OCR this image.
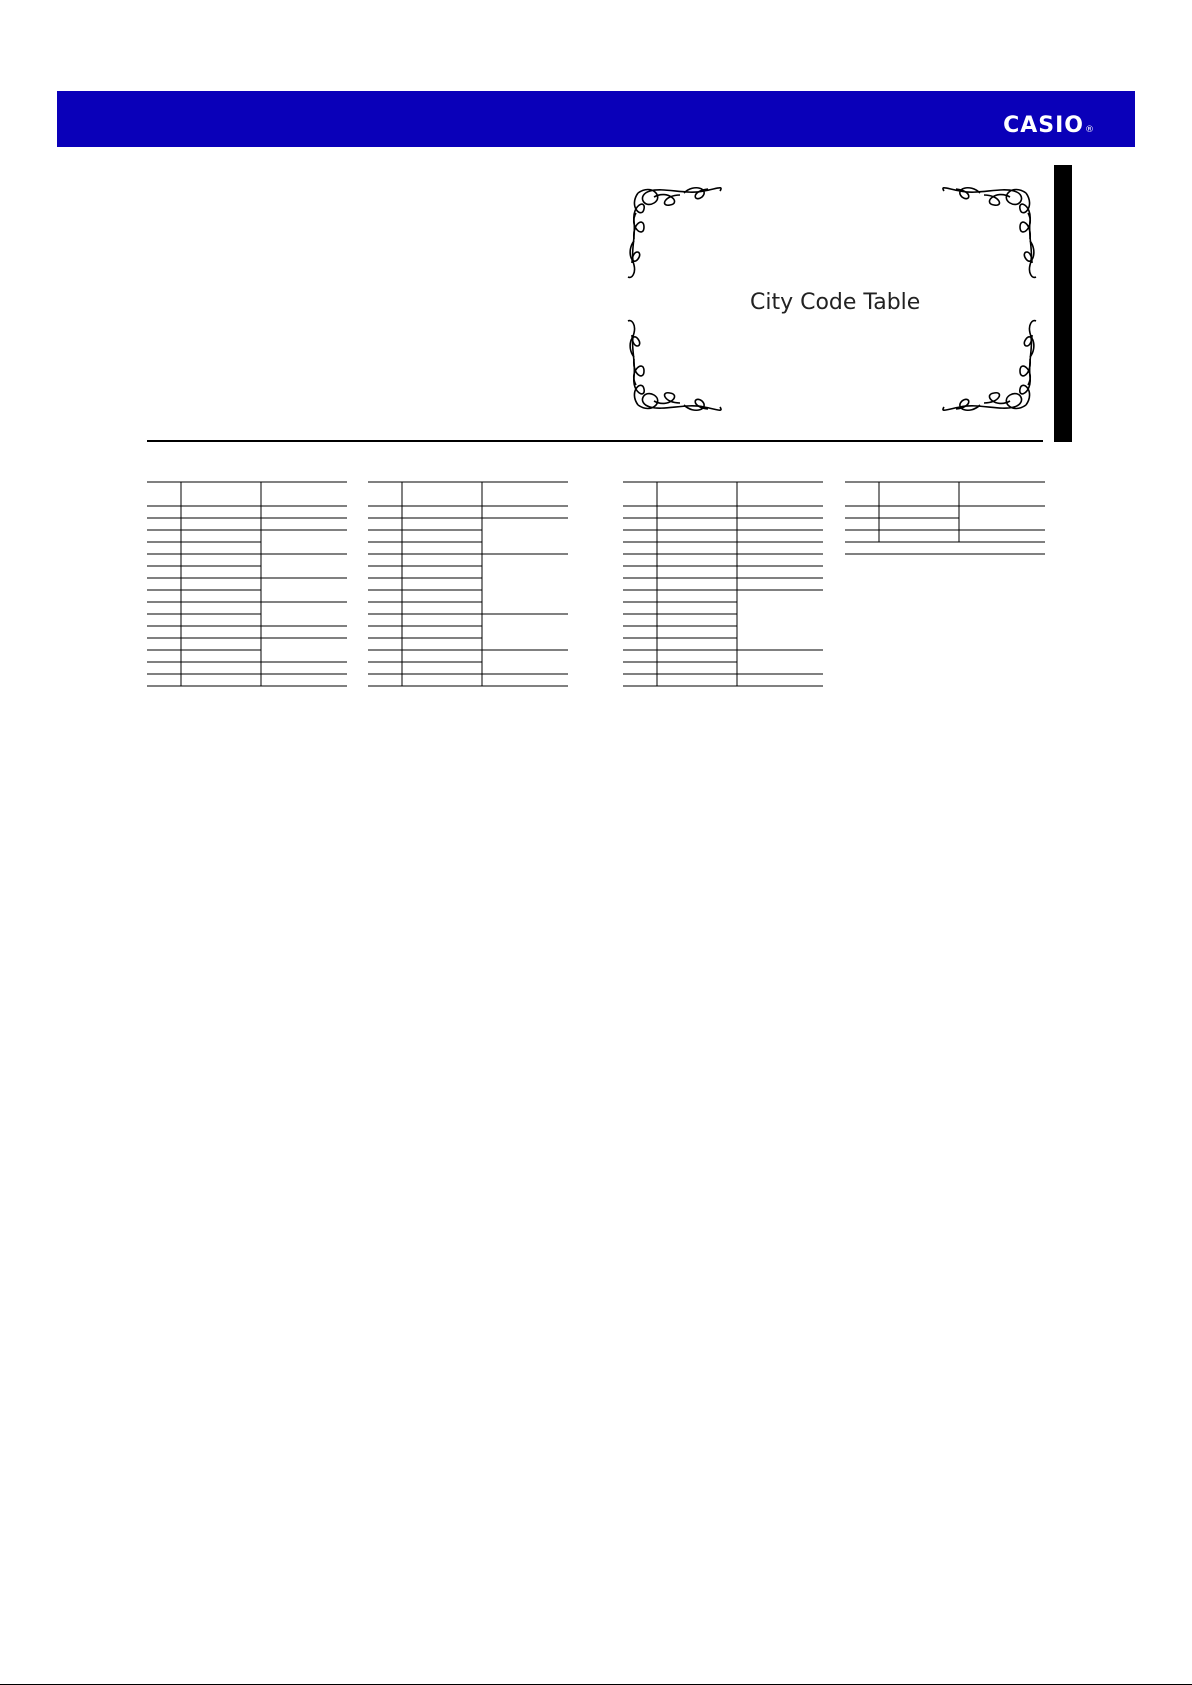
CASIO®
City Code Table
